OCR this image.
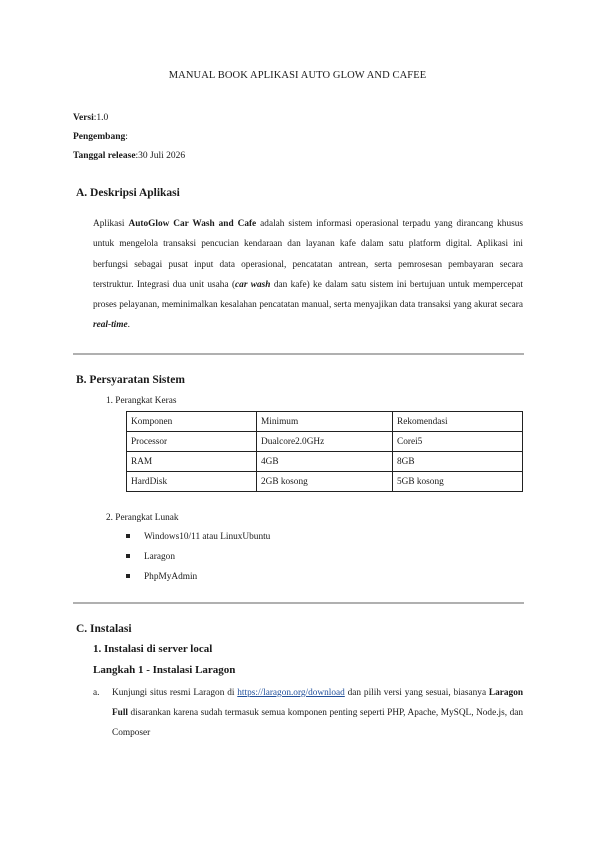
MANUAL BOOK APLIKASI AUTO GLOW AND CAFEE
Versi:1.0
Pengembang:
Tanggal release:30 Juli 2026
A. Deskripsi Aplikasi
Aplikasi AutoGlow Car Wash and Cafe adalah sistem informasi operasional terpadu yang dirancang khusus untuk mengelola transaksi pencucian kendaraan dan layanan kafe dalam satu platform digital. Aplikasi ini berfungsi sebagai pusat input data operasional, pencatatan antrean, serta pemrosesan pembayaran secara terstruktur. Integrasi dua unit usaha (car wash dan kafe) ke dalam satu sistem ini bertujuan untuk mempercepat proses pelayanan, meminimalkan kesalahan pencatatan manual, serta menyajikan data transaksi yang akurat secara real-time.
B. Persyaratan Sistem
1. Perangkat Keras
Komponen	Minimum	Rekomendasi
Processor	Dualcore2.0GHz	Corei5
RAM	4GB	8GB
HardDisk	2GB kosong	5GB kosong
2. Perangkat Lunak
Windows10/11 atau LinuxUbuntu
Laragon
PhpMyAdmin
C. Instalasi
1. Instalasi di server local
Langkah 1 - Instalasi Laragon
a. Kunjungi situs resmi Laragon di https://laragon.org/download dan pilih versi yang sesuai, biasanya Laragon Full disarankan karena sudah termasuk semua komponen penting seperti PHP, Apache, MySQL, Node.js, dan Composer
